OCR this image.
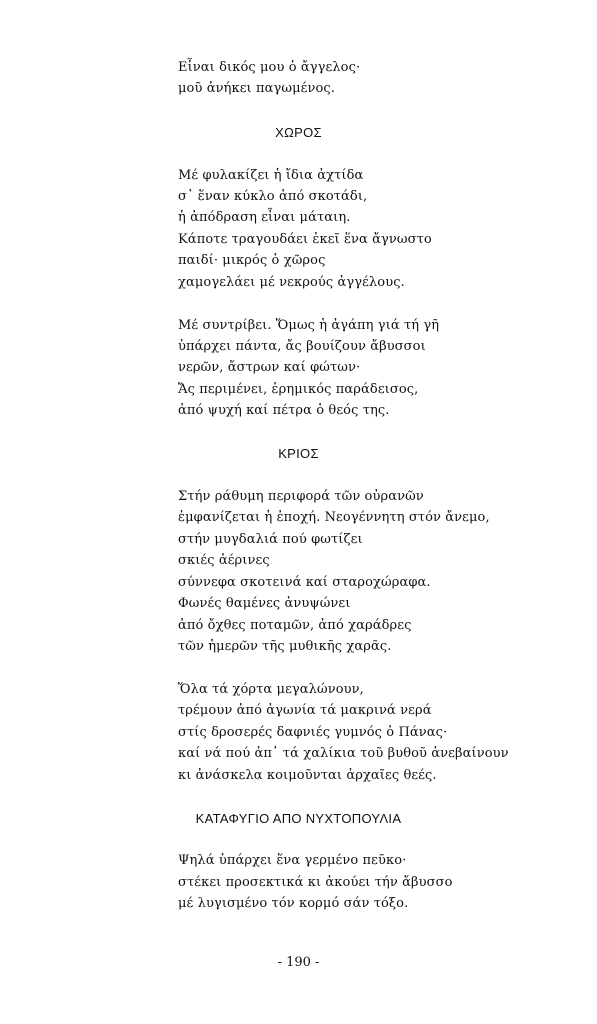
Εἶναι δικός μου ὁ ἄγγελος·
μοῦ ἀνήκει παγωμένος.
ΧΩΡΟΣ
Μέ φυλακίζει ἡ ἴδια ἀχτίδα
σ᾽ ἕναν κύκλο ἀπό σκοτάδι,
ἡ ἀπόδραση εἶναι μάταιη.
Κάποτε τραγουδάει ἐκεῖ ἕνα ἄγνωστο
παιδί· μικρός ὁ χῶρος
χαμογελάει μέ νεκρούς ἀγγέλους.
Μέ συντρίβει. Ὅμως ἡ ἀγάπη γιά τή γῆ
ὑπάρχει πάντα, ἄς βουίζουν ἄβυσσοι
νερῶν, ἄστρων καί φώτων·
Ἄς περιμένει, ἐρημικός παράδεισος,
ἀπό ψυχή καί πέτρα ὁ θεός της.
ΚΡΙΟΣ
Στήν ράθυμη περιφορά τῶν οὐρανῶν
ἐμφανίζεται ἡ ἐποχή. Νεογέννητη στόν ἄνεμο,
στήν μυγδαλιά πού φωτίζει
σκιές ἀέρινες
σύννεφα σκοτεινά καί σταροχώραφα.
Φωνές θαμένες ἀνυψώνει
ἀπό ὄχθες ποταμῶν, ἀπό χαράδρες
τῶν ἡμερῶν τῆς μυθικῆς χαρᾶς.
Ὅλα τά χόρτα μεγαλώνουν,
τρέμουν ἀπό ἀγωνία τά μακρινά νερά
στίς δροσερές δαφνιές γυμνός ὁ Πάνας·
καί νά πού ἀπ᾽ τά χαλίκια τοῦ βυθοῦ ἀνεβαίνουν
κι ἀνάσκελα κοιμοῦνται ἀρχαῖες θεές.
ΚΑΤΑΦΥΓΙΟ ΑΠΟ ΝΥΧΤΟΠΟΥΛΙΑ
Ψηλά ὑπάρχει ἕνα γερμένο πεῦκο·
στέκει προσεκτικά κι ἀκούει τήν ἄβυσσο
μέ λυγισμένο τόν κορμό σάν τόξο.
- 190 -
